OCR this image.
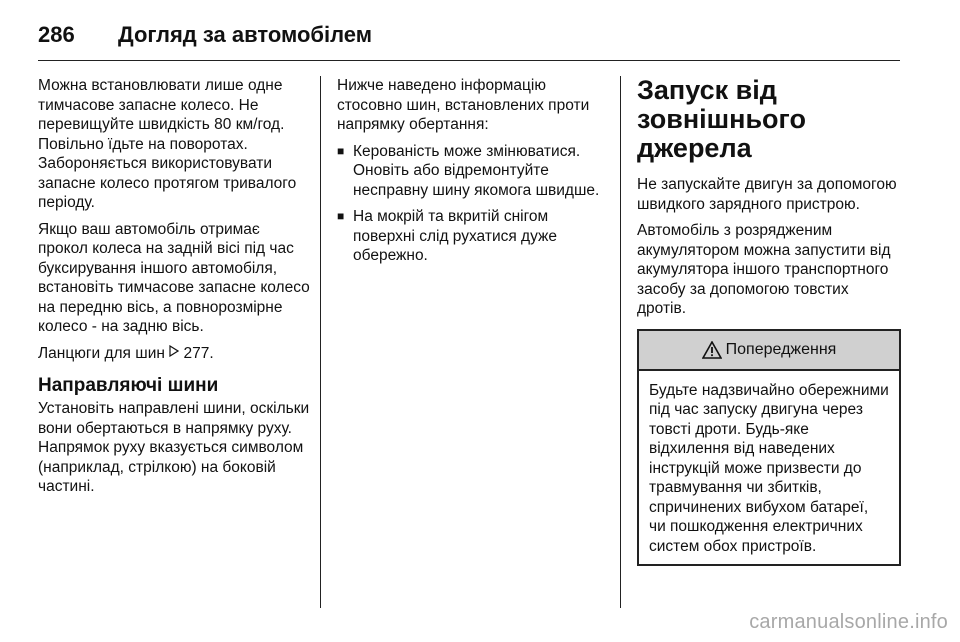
286	Догляд за автомобілем

Можна встановлювати лише одне тимчасове запасне колесо. Не перевищуйте швидкість 80 км/год. Повільно їдьте на поворотах. Забороняється використовувати запасне колесо протягом тривалого періоду.

Якщо ваш автомобіль отримає прокол колеса на задній вісі під час буксирування іншого автомобіля, встановіть тимчасове запасне колесо на передню вісь, а повнорозмірне колесо - на задню вісь.

Ланцюги для шин 277.

Направляючі шини

Установіть направлені шини, оскільки вони обертаються в напрямку руху. Напрямок руху вказується символом (наприклад, стрілкою) на боковій частині.

Нижче наведено інформацію стосовно шин, встановлених проти напрямку обертання:

■ Керованість може змінюватися. Оновіть або відремонтуйте несправну шину якомога швидше.
■ На мокрій та вкритій снігом поверхні слід рухатися дуже обережно.
Запуск від зовнішнього джерела

Не запускайте двигун за допомогою швидкого зарядного пристрою.

Автомобіль з розрядженим акумулятором можна запустити від акумулятора іншого транспортного засобу за допомогою товстих дротів.

Попередження
Будьте надзвичайно обережними під час запуску двигуна через товсті дроти. Будь-яке відхилення від наведених інструкцій може призвести до травмування чи збитків, спричинених вибухом батареї, чи пошкодження електричних систем обох пристроїв.
carmanualsonline.info
